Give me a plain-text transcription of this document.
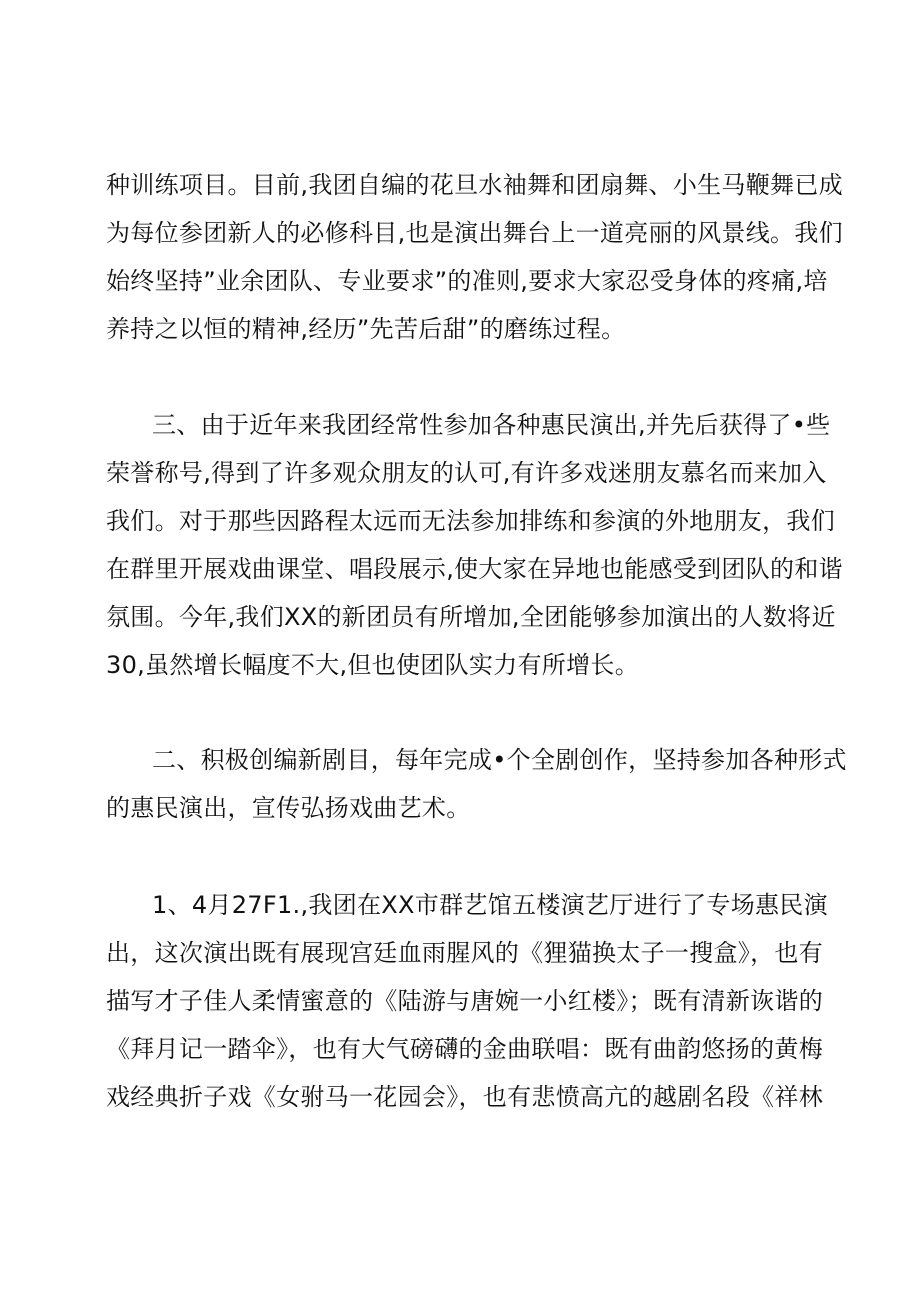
种训练项目。目前,我团自编的花旦水袖舞和团扇舞、小生马鞭舞已成
为每位参团新人的必修科目,也是演出舞台上一道亮丽的风景线。我们
始终坚持”业余团队、专业要求”的准则,要求大家忍受身体的疼痛,培
养持之以恒的精神,经历”先苦后甜”的磨练过程。
三、由于近年来我团经常性参加各种惠民演出,并先后获得了•些
荣誉称号,得到了许多观众朋友的认可,有许多戏迷朋友慕名而来加入
我们。对于那些因路程太远而无法参加排练和参演的外地朋友，我们
在群里开展戏曲课堂、唱段展示,使大家在异地也能感受到团队的和谐
氛围。今年,我们XX的新团员有所增加,全团能够参加演出的人数将近
30,虽然增长幅度不大,但也使团队实力有所增长。
二、积极创编新剧目，每年完成•个全剧创作，坚持参加各种形式
的惠民演出，宣传弘扬戏曲艺术。
1、4月27F1.,我团在XX市群艺馆五楼演艺厅进行了专场惠民演
出，这次演出既有展现宫廷血雨腥风的《狸猫换太子一搜盒》，也有
描写才子佳人柔情蜜意的《陆游与唐婉一小红楼》；既有清新诙谐的
《拜月记一踏伞》，也有大气磅礴的金曲联唱：既有曲韵悠扬的黄梅
戏经典折子戏《女驸马一花园会》，也有悲愤高亢的越剧名段《祥林
